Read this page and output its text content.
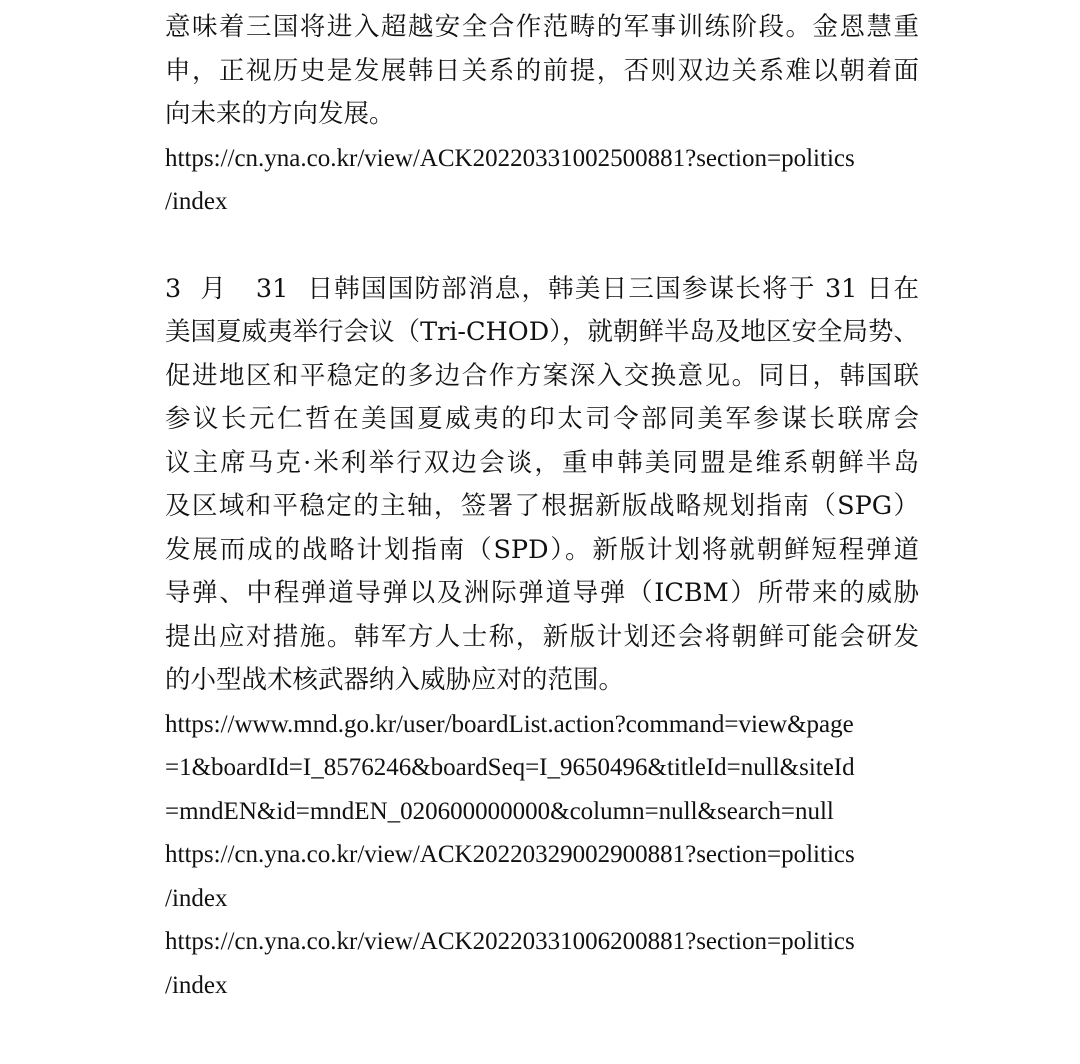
意味着三国将进入超越安全合作范畴的军事训练阶段。金恩慧重
申，正视历史是发展韩日关系的前提，否则双边关系难以朝着面
向未来的方向发展。
https://cn.yna.co.kr/view/ACK20220331002500881?section=politics
/index
3 月 31 日韩国国防部消息，韩美日三国参谋长将于 31 日在
美国夏威夷举行会议（Tri-CHOD），就朝鲜半岛及地区安全局势、
促进地区和平稳定的多边合作方案深入交换意见。同日，韩国联
参议长元仁哲在美国夏威夷的印太司令部同美军参谋长联席会
议主席马克·米利举行双边会谈，重申韩美同盟是维系朝鲜半岛
及区域和平稳定的主轴，签署了根据新版战略规划指南（SPG）
发展而成的战略计划指南（SPD）。新版计划将就朝鲜短程弹道
导弹、中程弹道导弹以及洲际弹道导弹（ICBM）所带来的威胁
提出应对措施。韩军方人士称，新版计划还会将朝鲜可能会研发
的小型战术核武器纳入威胁应对的范围。
https://www.mnd.go.kr/user/boardList.action?command=view&page
=1&boardId=I_8576246&boardSeq=I_9650496&titleId=null&siteId
=mndEN&id=mndEN_020600000000&column=null&search=null
https://cn.yna.co.kr/view/ACK20220329002900881?section=politics
/index
https://cn.yna.co.kr/view/ACK20220331006200881?section=politics
/index
